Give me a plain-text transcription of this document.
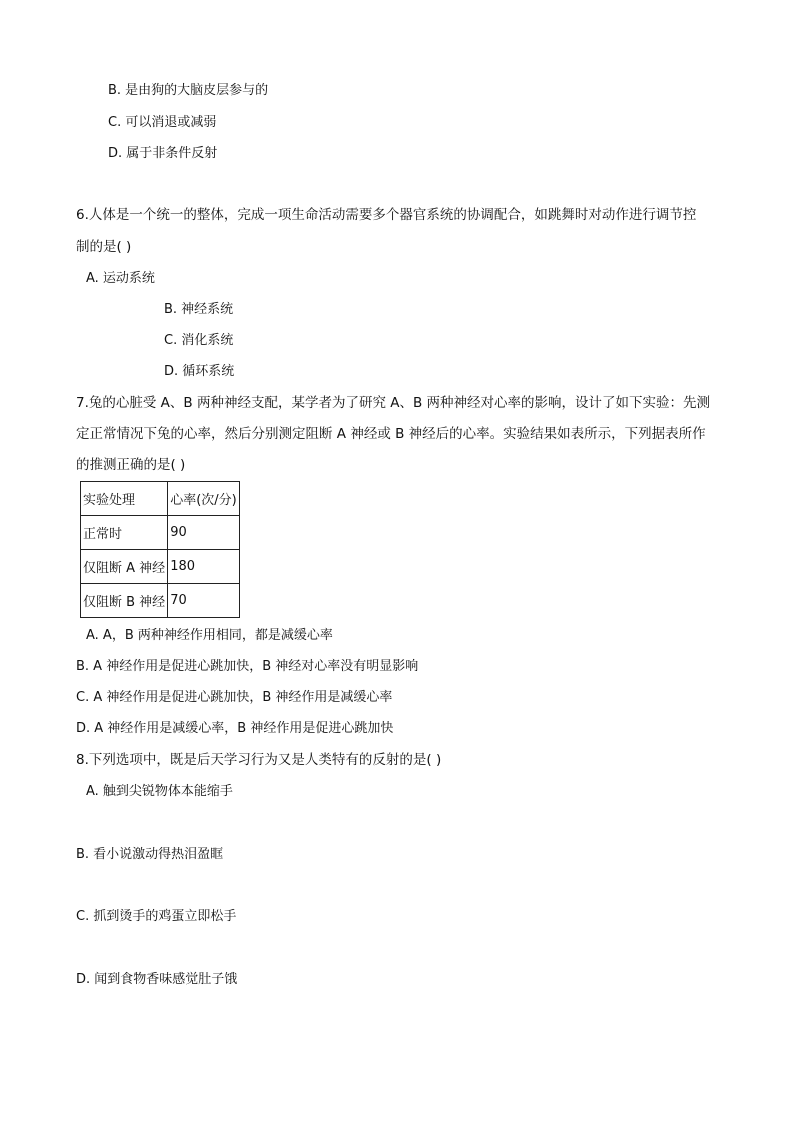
B. 是由狗的大脑皮层参与的
C. 可以消退或减弱
D. 属于非条件反射
6.人体是一个统一的整体，完成一项生命活动需要多个器官系统的协调配合，如跳舞时对动作进行调节控
制的是( )
A. 运动系统
B. 神经系统
C. 消化系统
D. 循环系统
7.兔的心脏受 A、B 两种神经支配，某学者为了研究 A、B 两种神经对心率的影响，设计了如下实验：先测
定正常情况下兔的心率，然后分别测定阻断 A 神经或 B 神经后的心率。实验结果如表所示，下列据表所作
的推测正确的是( )
实验处理	心率(次/分)
正常时	90
仅阻断 A 神经	180
仅阻断 B 神经	70
A. A，B 两种神经作用相同，都是减缓心率
B. A 神经作用是促进心跳加快，B 神经对心率没有明显影响
C. A 神经作用是促进心跳加快，B 神经作用是减缓心率
D. A 神经作用是减缓心率，B 神经作用是促进心跳加快
8.下列选项中，既是后天学习行为又是人类特有的反射的是( )
A. 触到尖锐物体本能缩手
B. 看小说激动得热泪盈眶
C. 抓到烫手的鸡蛋立即松手
D. 闻到食物香味感觉肚子饿
